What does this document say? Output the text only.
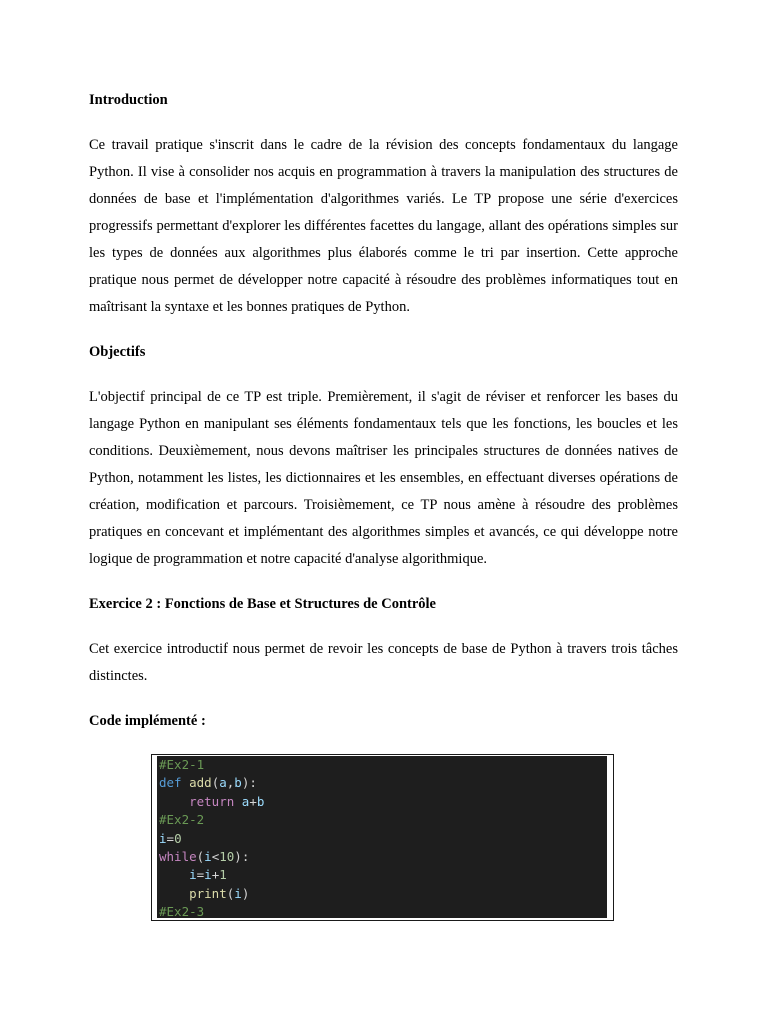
Introduction

Ce travail pratique s'inscrit dans le cadre de la révision des concepts fondamentaux du langage Python. Il vise à consolider nos acquis en programmation à travers la manipulation des structures de données de base et l'implémentation d'algorithmes variés. Le TP propose une série d'exercices progressifs permettant d'explorer les différentes facettes du langage, allant des opérations simples sur les types de données aux algorithmes plus élaborés comme le tri par insertion. Cette approche pratique nous permet de développer notre capacité à résoudre des problèmes informatiques tout en maîtrisant la syntaxe et les bonnes pratiques de Python.

Objectifs

L'objectif principal de ce TP est triple. Premièrement, il s'agit de réviser et renforcer les bases du langage Python en manipulant ses éléments fondamentaux tels que les fonctions, les boucles et les conditions. Deuxièmement, nous devons maîtriser les principales structures de données natives de Python, notamment les listes, les dictionnaires et les ensembles, en effectuant diverses opérations de création, modification et parcours. Troisièmement, ce TP nous amène à résoudre des problèmes pratiques en concevant et implémentant des algorithmes simples et avancés, ce qui développe notre logique de programmation et notre capacité d'analyse algorithmique.

Exercice 2 : Fonctions de Base et Structures de Contrôle

Cet exercice introductif nous permet de revoir les concepts de base de Python à travers trois tâches distinctes.

Code implémenté :

#Ex2-1
def add(a,b):
return a+b
#Ex2-2
i=0
while(i<10):
i=i+1
print(i)
#Ex2-3
